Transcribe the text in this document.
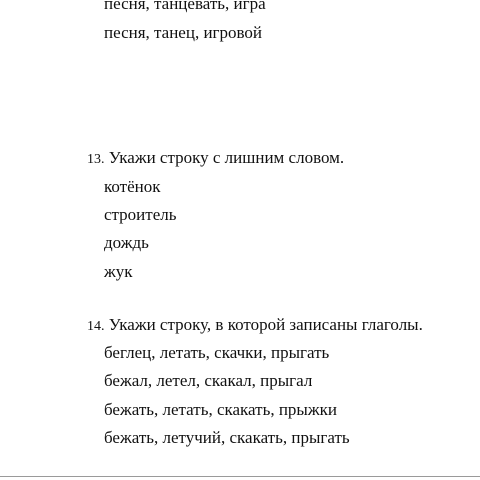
песня, танцевать, игра
песня, танец, игровой
13. Укажи строку с лишним словом.
котёнок
строитель
дождь
жук
14. Укажи строку, в которой записаны глаголы.
беглец, летать, скачки, прыгать
бежал, летел, скакал, прыгал
бежать, летать, скакать, прыжки
бежать, летучий, скакать, прыгать
